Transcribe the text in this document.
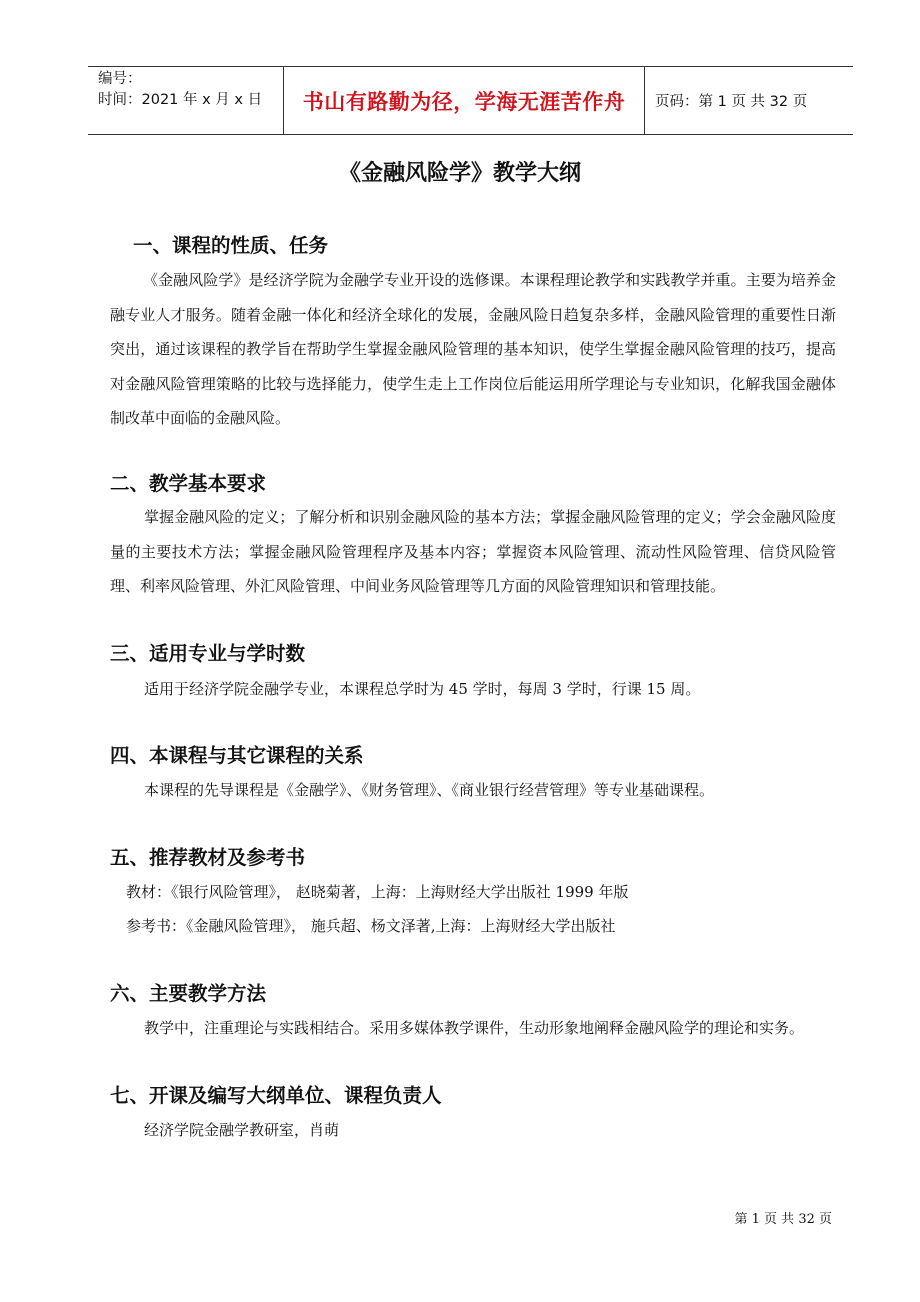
编号：
时间：2021 年 x 月 x 日	书山有路勤为径，学海无涯苦作舟	页码：第 1 页 共 32 页
《金融风险学》教学大纲
一、课程的性质、任务
《金融风险学》是经济学院为金融学专业开设的选修课。本课程理论教学和实践教学并重。主要为培养金融专业人才服务。随着金融一体化和经济全球化的发展，金融风险日趋复杂多样，金融风险管理的重要性日渐突出，通过该课程的教学旨在帮助学生掌握金融风险管理的基本知识，使学生掌握金融风险管理的技巧，提高对金融风险管理策略的比较与选择能力，使学生走上工作岗位后能运用所学理论与专业知识，化解我国金融体制改革中面临的金融风险。
二、教学基本要求
掌握金融风险的定义；了解分析和识别金融风险的基本方法；掌握金融风险管理的定义；学会金融风险度量的主要技术方法；掌握金融风险管理程序及基本内容；掌握资本风险管理、流动性风险管理、信贷风险管理、利率风险管理、外汇风险管理、中间业务风险管理等几方面的风险管理知识和管理技能。
三、适用专业与学时数
适用于经济学院金融学专业，本课程总学时为 45 学时，每周 3 学时，行课 15 周。
四、本课程与其它课程的关系
本课程的先导课程是《金融学》、《财务管理》、《商业银行经营管理》等专业基础课程。
五、推荐教材及参考书
教材：《银行风险管理》， 赵晓菊著，上海：上海财经大学出版社 1999 年版
参考书：《金融风险管理》， 施兵超、杨文泽著,上海：上海财经大学出版社
六、主要教学方法
教学中，注重理论与实践相结合。采用多媒体教学课件，生动形象地阐释金融风险学的理论和实务。
七、开课及编写大纲单位、课程负责人
经济学院金融学教研室，肖萌
第 1 页 共 32 页
